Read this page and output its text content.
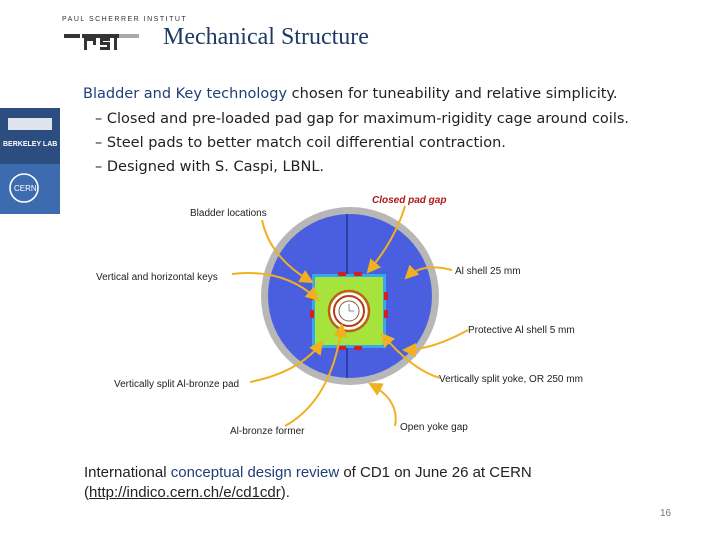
PAUL SCHERRER INSTITUT
Mechanical Structure
BERKELEY LAB
CERN
Bladder and Key technology chosen for tuneability and relative simplicity.
– Closed and pre-loaded pad gap for maximum-rigidity cage around coils.
– Steel pads to better match coil differential contraction.
– Designed with S. Caspi, LBNL.
Closed pad gap
Bladder locations
Al shell 25 mm
Vertical and horizontal keys
Protective Al shell 5 mm
Vertically split yoke, OR 250 mm
Vertically split Al-bronze pad
Al-bronze former	Open yoke gap
International conceptual design review of CD1 on June 26 at CERN
(http://indico.cern.ch/e/cd1cdr).
16
